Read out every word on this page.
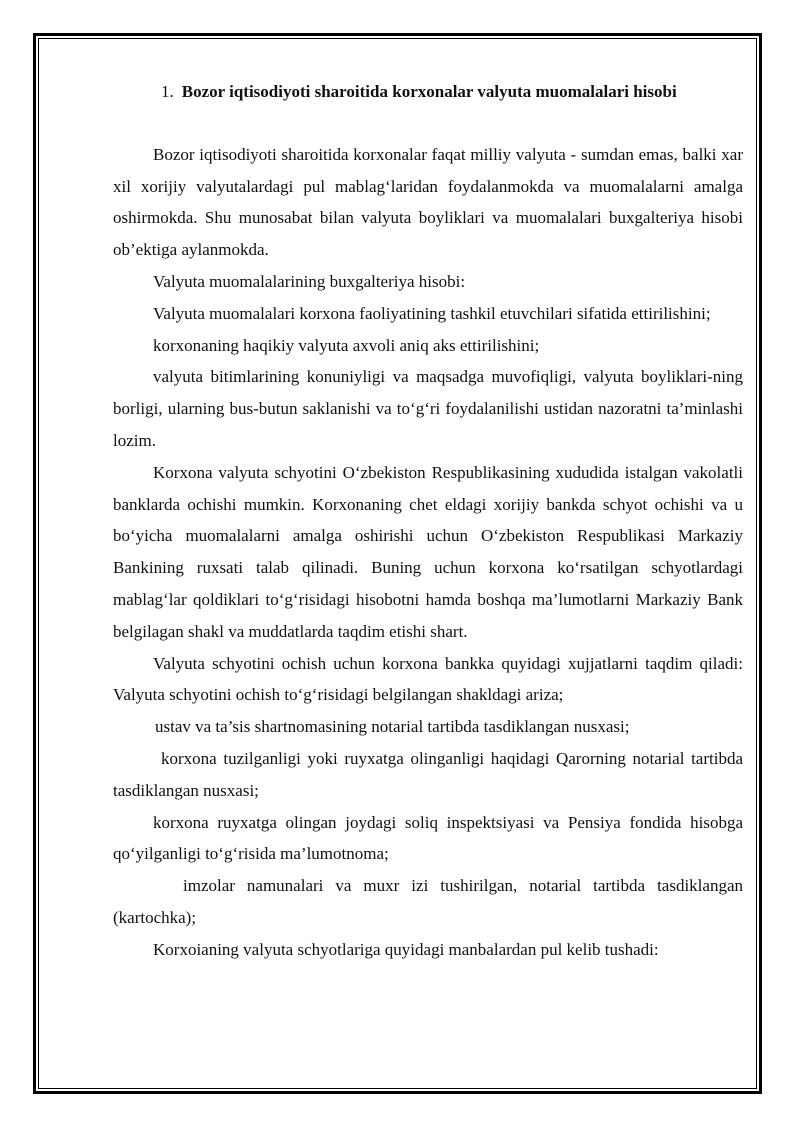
1. Bozor iqtisodiyoti sharoitida korxonalar valyuta muomalalari hisobi

Bozor iqtisodiyoti sharoitida korxonalar faqat milliy valyuta - sumdan emas, balki xar xil xorijiy valyutalardagi pul mablag‘laridan foydalanmokda va muomalalarni amalga oshirmokda. Shu munosabat bilan valyuta boyliklari va muomalalari buxgalteriya hisobi ob’ektiga aylanmokda.

Valyuta muomalalarining buxgalteriya hisobi:

Valyuta muomalalari korxona faoliyatining tashkil etuvchilari sifatida ettirilishini;

korxonaning haqikiy valyuta axvoli aniq aks ettirilishini;

valyuta bitimlarining konuniyligi va maqsadga muvofiqligi, valyuta boyliklari-ning borligi, ularning bus-butun saklanishi va to‘g‘ri foydalanilishi ustidan nazoratni ta’minlashi lozim.

Korxona valyuta schyotini O‘zbekiston Respublikasining xududida istalgan vakolatli banklarda ochishi mumkin. Korxonaning chet eldagi xorijiy bankda schyot ochishi va u bo‘yicha muomalalarni amalga oshirishi uchun O‘zbekiston Respublikasi Markaziy Bankining ruxsati talab qilinadi. Buning uchun korxona ko‘rsatilgan schyotlardagi mablag‘lar qoldiklari to‘g‘risidagi hisobotni hamda boshqa ma’lumotlarni Markaziy Bank belgilagan shakl va muddatlarda taqdim etishi shart.

Valyuta schyotini ochish uchun korxona bankka quyidagi xujjatlarni taqdim qiladi: Valyuta schyotini ochish to‘g‘risidagi belgilangan shakldagi ariza;

ustav va ta’sis shartnomasining notarial tartibda tasdiklangan nusxasi;

korxona tuzilganligi yoki ruyxatga olinganligi haqidagi Qarorning notarial tartibda tasdiklangan nusxasi;

korxona ruyxatga olingan joydagi soliq inspektsiyasi va Pensiya fondida hisobga qo‘yilganligi to‘g‘risida ma’lumotnoma;

imzolar namunalari va muxr izi tushirilgan, notarial tartibda tasdiklangan (kartochka);

Korxoianing valyuta schyotlariga quyidagi manbalardan pul kelib tushadi:
